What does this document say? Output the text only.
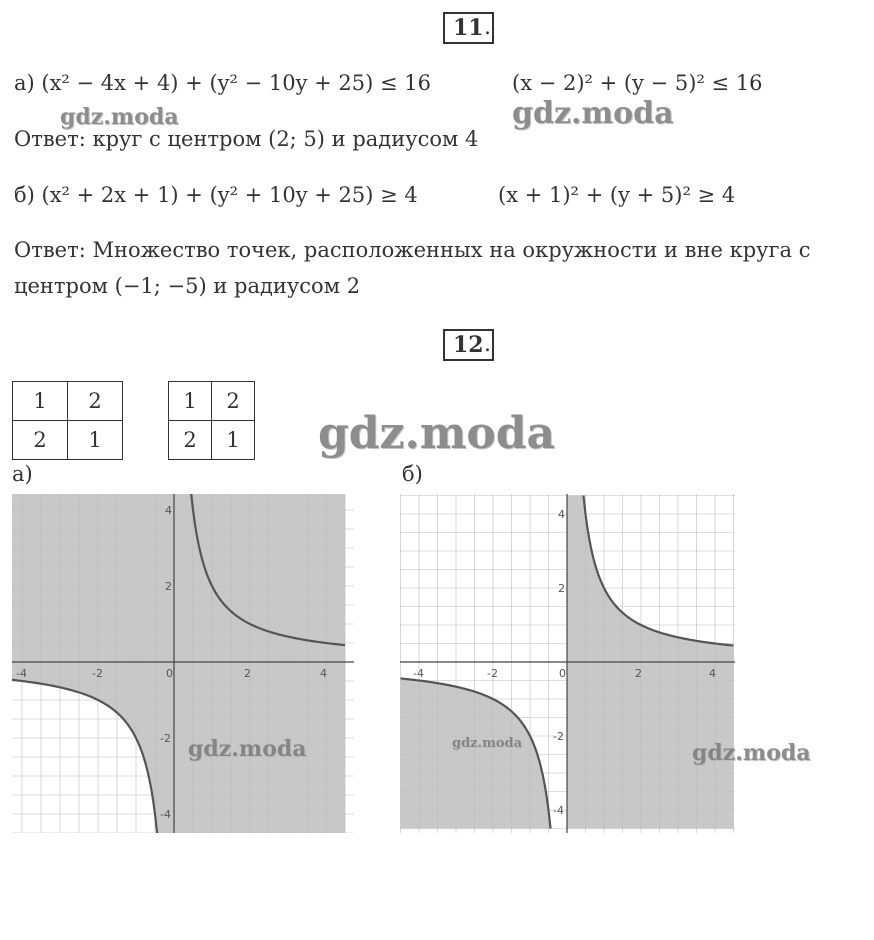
11 .
а) (x² − 4x + 4) + (y² − 10y + 25) ≤ 16	(x − 2)² + (y − 5)² ≤ 16
Ответ: круг с центром (2; 5) и радиусом 4
б) (x² + 2x + 1) + (y² + 10y + 25) ≥ 4	(x + 1)² + (y + 5)² ≥ 4
Ответ: Множество точек, расположенных на окружности и вне круга с
центром (−1; −5) и радиусом 2
12 .
1	2
2	1
1	2
2	1
а)	б)
-4	-2	0	2	4
4
2
-2
-4
-4	-2	0	2	4
4
2
-2
-4
gdz.moda	gdz.moda
gdz.moda
gdz.moda	gdz.moda	gdz.moda
